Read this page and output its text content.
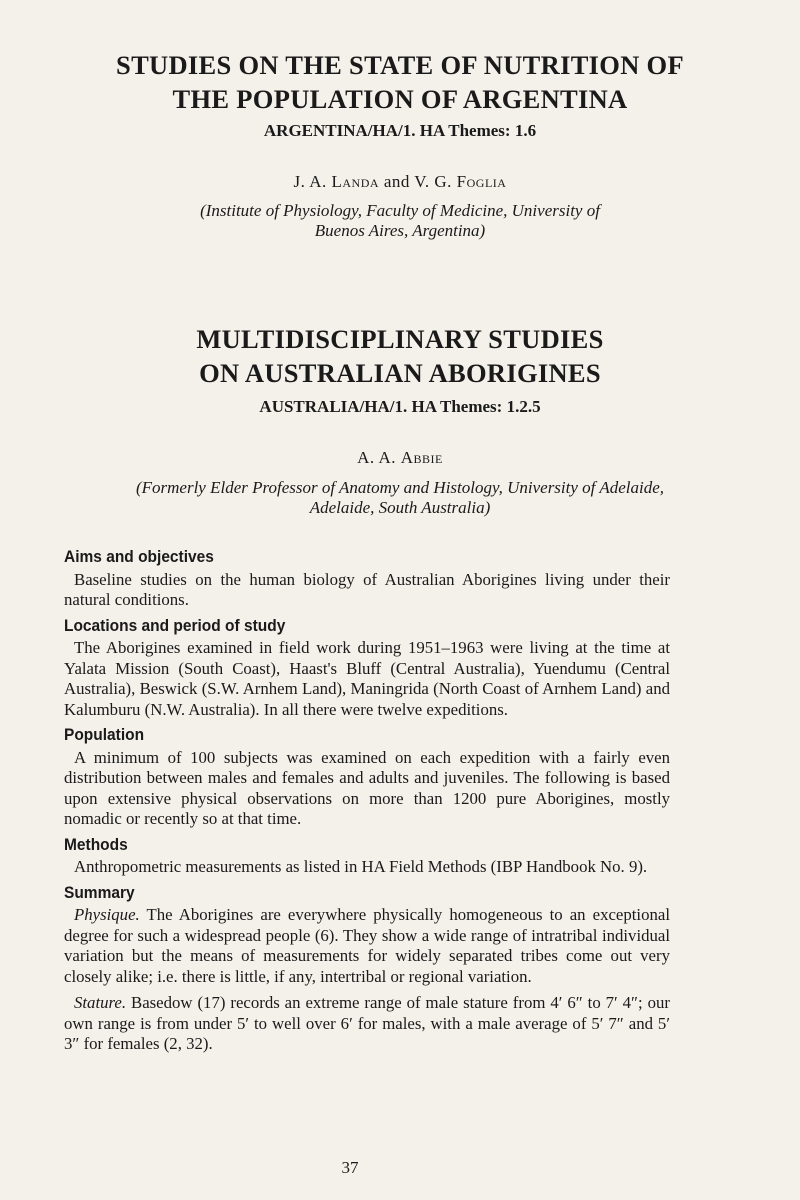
STUDIES ON THE STATE OF NUTRITION OF
THE POPULATION OF ARGENTINA
ARGENTINA/HA/1. HA Themes: 1.6
J. A. Landa and V. G. Foglia
(Institute of Physiology, Faculty of Medicine, University of
Buenos Aires, Argentina)
MULTIDISCIPLINARY STUDIES
ON AUSTRALIAN ABORIGINES
AUSTRALIA/HA/1. HA Themes: 1.2.5
A. A. Abbie
(Formerly Elder Professor of Anatomy and Histology, University of Adelaide,
Adelaide, South Australia)
Aims and objectives

Baseline studies on the human biology of Australian Aborigines living under their natural conditions.

Locations and period of study

The Aborigines examined in field work during 1951–1963 were living at the time at Yalata Mission (South Coast), Haast's Bluff (Central Australia), Yuendumu (Central Australia), Beswick (S.W. Arnhem Land), Maningrida (North Coast of Arnhem Land) and Kalumburu (N.W. Australia). In all there were twelve expeditions.

Population

A minimum of 100 subjects was examined on each expedition with a fairly even distribution between males and females and adults and juveniles. The following is based upon extensive physical observations on more than 1200 pure Aborigines, mostly nomadic or recently so at that time.

Methods

Anthropometric measurements as listed in HA Field Methods (IBP Handbook No. 9).

Summary

Physique. The Aborigines are everywhere physically homogeneous to an exceptional degree for such a widespread people (6). They show a wide range of intratribal individual variation but the means of measurements for widely separated tribes come out very closely alike; i.e. there is little, if any, intertribal or regional variation.

Stature. Basedow (17) records an extreme range of male stature from 4′ 6″ to 7′ 4″; our own range is from under 5′ to well over 6′ for males, with a male average of 5′ 7″ and 5′ 3″ for females (2, 32).

37
